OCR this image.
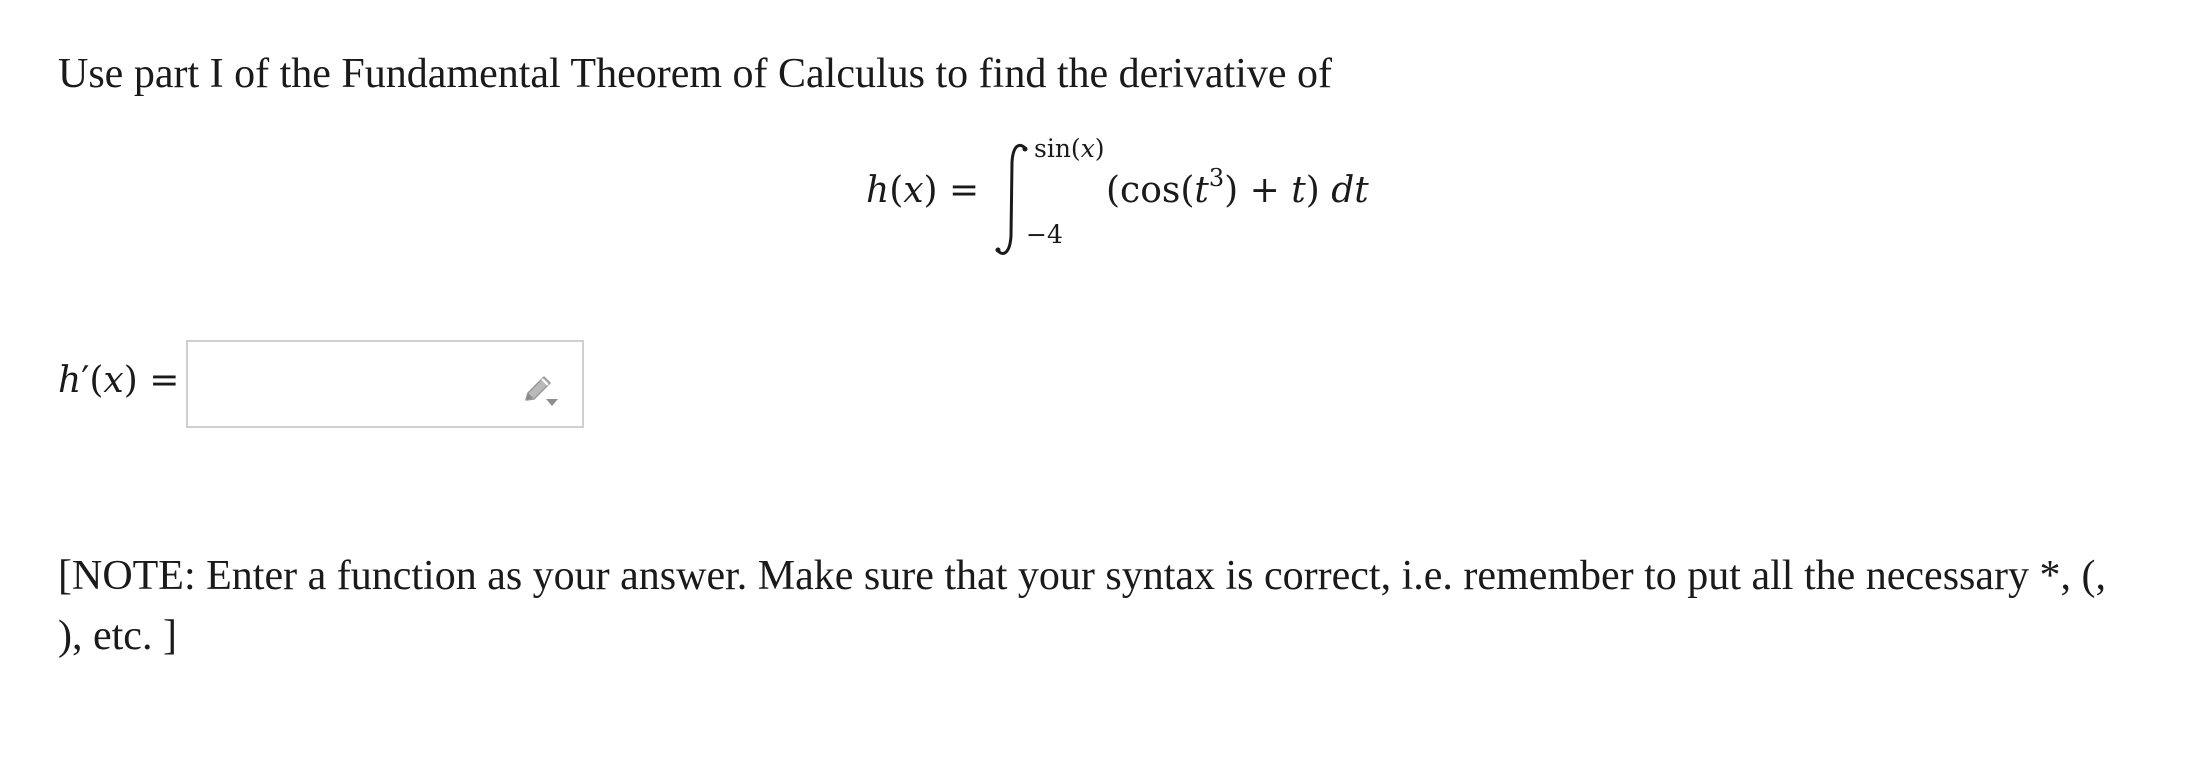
Use part I of the Fundamental Theorem of Calculus to find the derivative of
h(x) =
sin(x)
−4
$(\cos(t^3) + t)$ dt
h′(x) =
[NOTE: Enter a function as your answer. Make sure that your syntax is correct, i.e. remember to put all the necessary *, (, ), etc. ]
